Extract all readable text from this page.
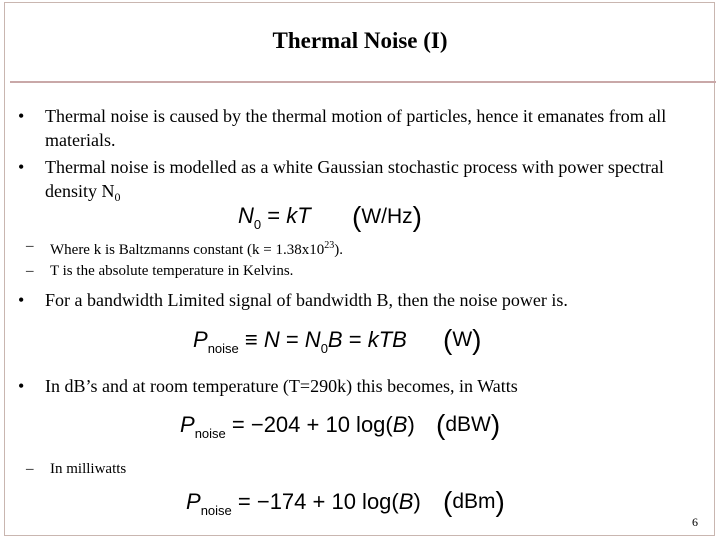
Thermal Noise (I)
• Thermal noise is caused by the thermal motion of particles, hence it emanates from all materials.
• Thermal noise is modelled as a white Gaussian stochastic process with power spectral density $N_0$
$N_0$ = kT (W/Hz)
– Where k is Baltzmanns constant $(k = 1.38x10^{23})$.
– T is the absolute temperature in Kelvins.
• For a bandwidth Limited signal of bandwidth B, then the noise power is.
$P_{noise} \equiv N = N_0B$ = kTB (W)
• In dB’s and at room temperature (T=290k) this becomes, in Watts
$P_{noise} = -204 + 10$ log(B) (dBW)
– In milliwatts
$P_{noise} = -174 + 10$ log(B) (dBm)
6
